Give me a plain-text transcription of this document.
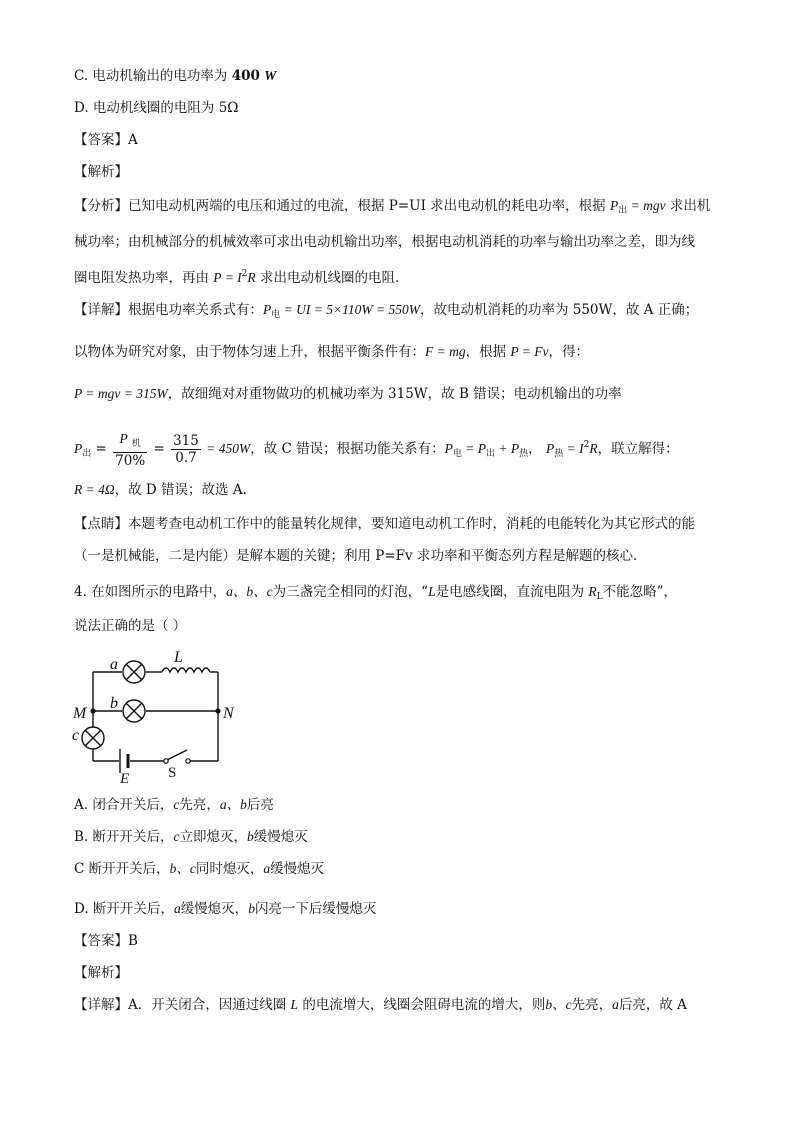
C. 电动机输出的电功率为 400 W
D. 电动机线圈的电阻为 5Ω
【答案】A
【解析】
【分析】已知电动机两端的电压和通过的电流，根据 P=UI 求出电动机的耗电功率，根据 $P_出$ = mgv 求出机
械功率；由机械部分的机械效率可求出电动机输出功率，根据电动机消耗的功率与输出功率之差，即为线
圈电阻发热功率，再由 $P = I^2R$ 求出电动机线圈的电阻．
【详解】根据电功率关系式有：$P_电$ = UI = 5×110W = 550W，故电动机消耗的功率为 550W，故 A 正确；
以物体为研究对象，由于物体匀速上升，根据平衡条件有：F = mg，根据 P = Fv，得：
P = mgv = 315W，故细绳对对重物做功的机械功率为 315W，故 B 错误；电动机输出的功率
$P_出 = \frac{P _机}{70\%} = \frac{315}{0.7} = 450W$，故 C 错误；根据功能关系有：$P_电 = P_出 + P_热$， $P_热 = I^2R$，联立解得：
R = 4Ω，故 D 错误；故选 A．
【点睛】本题考查电动机工作中的能量转化规律，要知道电动机工作时，消耗的电能转化为其它形式的能
（一是机械能，二是内能）是解本题的关键；利用 P=Fv 求功率和平衡态列方程是解题的核心．
4. 在如图所示的电路中，a、b、c为三盏完全相同的灯泡，“L是电感线圈，直流电阻为 $R_L$不能忽略”，
说法正确的是（ ）
a	L
b
M	N
c
E	S
A. 闭合开关后，c先亮，a、b后亮
B. 断开开关后，c立即熄灭，b缓慢熄灭
C 断开开关后，b、c同时熄灭，a缓慢熄灭
D. 断开开关后，a缓慢熄灭，b闪亮一下后缓慢熄灭
【答案】B
【解析】
【详解】A．开关闭合，因通过线圈 L 的电流增大，线圈会阻碍电流的增大，则b、c先亮，a后亮，故 A
